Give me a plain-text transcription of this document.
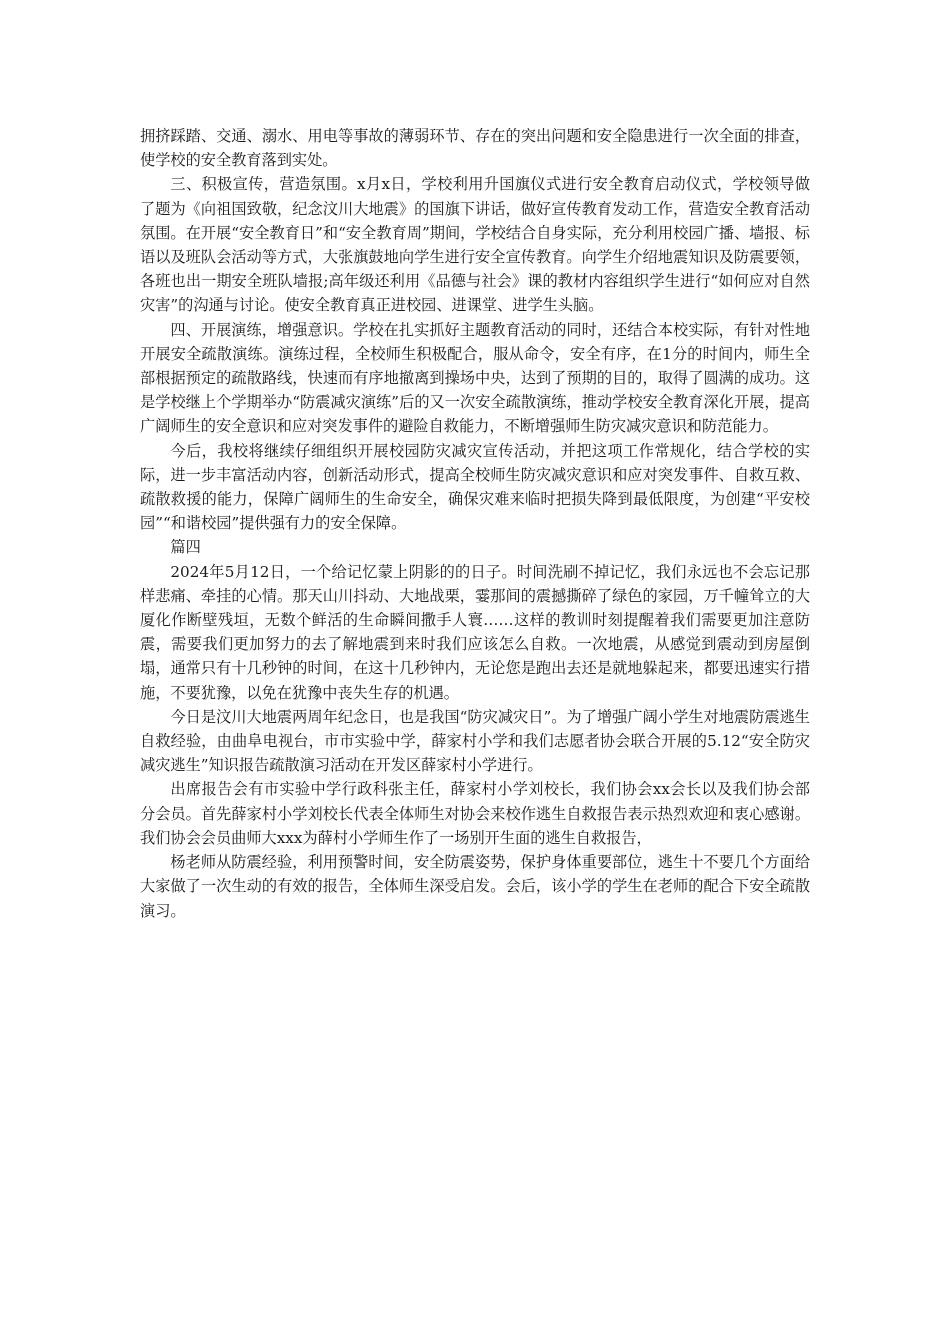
拥挤踩踏、交通、溺水、用电等事故的薄弱环节、存在的突出问题和安全隐患进行一次全面的排查，使学校的安全教育落到实处。

三、积极宣传，营造氛围。x月x日，学校利用升国旗仪式进行安全教育启动仪式，学校领导做了题为《向祖国致敬，纪念汶川大地震》的国旗下讲话，做好宣传教育发动工作，营造安全教育活动氛围。在开展“安全教育日”和“安全教育周”期间，学校结合自身实际，充分利用校园广播、墙报、标语以及班队会活动等方式，大张旗鼓地向学生进行安全宣传教育。向学生介绍地震知识及防震要领，各班也出一期安全班队墙报;高年级还利用《品德与社会》课的教材内容组织学生进行“如何应对自然灾害”的沟通与讨论。使安全教育真正进校园、进课堂、进学生头脑。

四、开展演练，增强意识。学校在扎实抓好主题教育活动的同时，还结合本校实际，有针对性地开展安全疏散演练。演练过程，全校师生积极配合，服从命令，安全有序，在1分的时间内，师生全部根据预定的疏散路线，快速而有序地撤离到操场中央，达到了预期的目的，取得了圆满的成功。这是学校继上个学期举办“防震减灾演练”后的又一次安全疏散演练，推动学校安全教育深化开展，提高广阔师生的安全意识和应对突发事件的避险自救能力，不断增强师生防灾减灾意识和防范能力。

今后，我校将继续仔细组织开展校园防灾减灾宣传活动，并把这项工作常规化，结合学校的实际，进一步丰富活动内容，创新活动形式，提高全校师生防灾减灾意识和应对突发事件、自救互救、疏散救援的能力，保障广阔师生的生命安全，确保灾难来临时把损失降到最低限度，为创建“平安校园”“和谐校园”提供强有力的安全保障。

篇四

2024年5月12日，一个给记忆蒙上阴影的的日子。时间洗刷不掉记忆，我们永远也不会忘记那样悲痛、牵挂的心情。那天山川抖动、大地战栗，霎那间的震撼撕碎了绿色的家园，万千幢耸立的大厦化作断壁残垣，无数个鲜活的生命瞬间撒手人寰……这样的教训时刻提醒着我们需要更加注意防震，需要我们更加努力的去了解地震到来时我们应该怎么自救。一次地震，从感觉到震动到房屋倒塌，通常只有十几秒钟的时间，在这十几秒钟内，无论您是跑出去还是就地躲起来，都要迅速实行措施，不要犹豫，以免在犹豫中丧失生存的机遇。

今日是汶川大地震两周年纪念日，也是我国“防灾减灾日”。为了增强广阔小学生对地震防震逃生自救经验，由曲阜电视台，市市实验中学，薛家村小学和我们志愿者协会联合开展的5.12“安全防灾减灾逃生”知识报告疏散演习活动在开发区薛家村小学进行。

出席报告会有市实验中学行政科张主任，薛家村小学刘校长，我们协会xx会长以及我们协会部分会员。首先薛家村小学刘校长代表全体师生对协会来校作逃生自救报告表示热烈欢迎和衷心感谢。我们协会会员曲师大xxx为薛村小学师生作了一场别开生面的逃生自救报告，

杨老师从防震经验，利用预警时间，安全防震姿势，保护身体重要部位，逃生十不要几个方面给大家做了一次生动的有效的报告，全体师生深受启发。会后，该小学的学生在老师的配合下安全疏散演习。
